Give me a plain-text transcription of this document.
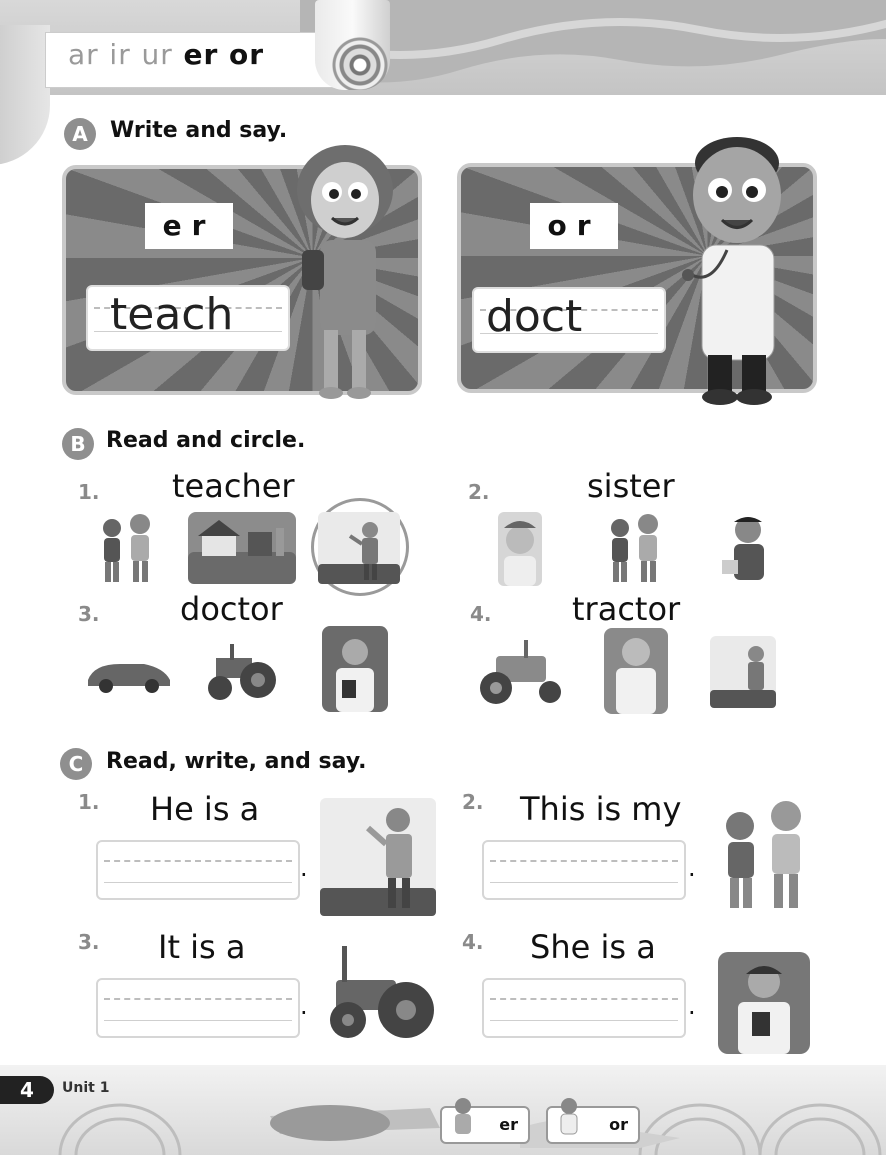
ar ir ur er or
A	Write and say.
er
teach
or
doct
B Read and circle.
1. teacher	2.	sister
3.	doctor	4.	tractor
C	Read, write, and say.
1. He is a
.
2. This is my
.
3. It is a
.
4. She is a
.
4	Unit 1
er	or
